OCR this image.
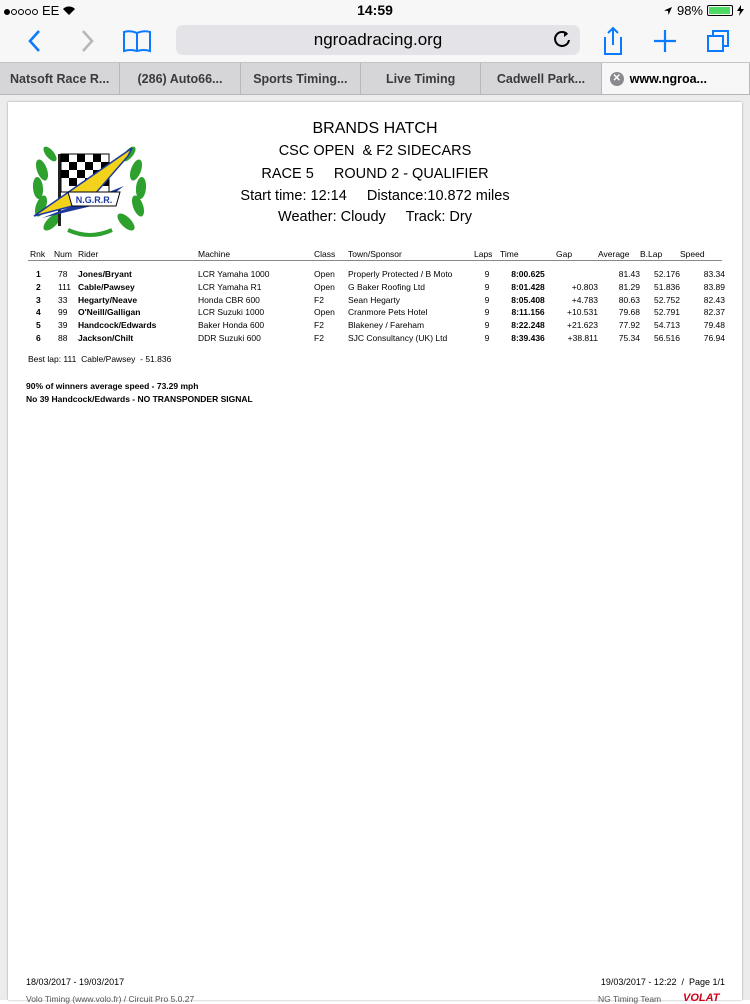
EE	14:59	98%
ngroadracing.org
Natsoft Race R... (286) Auto66... Sports Timing...	Live Timing	Cadwell Park...	✕ www.ngroa...
N.G.R.R.
BRANDS HATCH
CSC OPEN  & F2 SIDECARS
RACE 5     ROUND 2 - QUALIFIER
Start time: 12:14     Distance:10.872 miles
Weather: Cloudy     Track: Dry
Rnk	Num	Rider	Machine	Class	Town/Sponsor	Laps	Time	Gap	Average	B.Lap	Speed
1	78	Jones/Bryant	LCR Yamaha 1000	Open	Properly Protected / B Moto	9	8:00.625		81.43	52.176	83.34
2	111	Cable/Pawsey	LCR Yamaha R1	Open	G Baker Roofing Ltd	9	8:01.428	+0.803	81.29	51.836	83.89
3	33	Hegarty/Neave	Honda CBR 600	F2	Sean Hegarty	9	8:05.408	+4.783	80.63	52.752	82.43
4	99	O'Neill/Galligan	LCR Suzuki 1000	Open	Cranmore Pets Hotel	9	8:11.156	+10.531	79.68	52.791	82.37
5	39	Handcock/Edwards	Baker Honda 600	F2	Blakeney / Fareham	9	8:22.248	+21.623	77.92	54.713	79.48
6	88	Jackson/Chilt	DDR Suzuki 600	F2	SJC Consultancy (UK) Ltd	9	8:39.436	+38.811	75.34	56.516	76.94
Best lap: 111  Cable/Pawsey  - 51.836
90% of winners average speed - 73.29 mph
No 39 Handcock/Edwards - NO TRANSPONDER SIGNAL
18/03/2017 - 19/03/2017	19/03/2017 - 12:22  /  Page 1/1
Volo Timing (www.volo.fr) / Circuit Pro 5.0.27	NG Timing Team VOLAT
